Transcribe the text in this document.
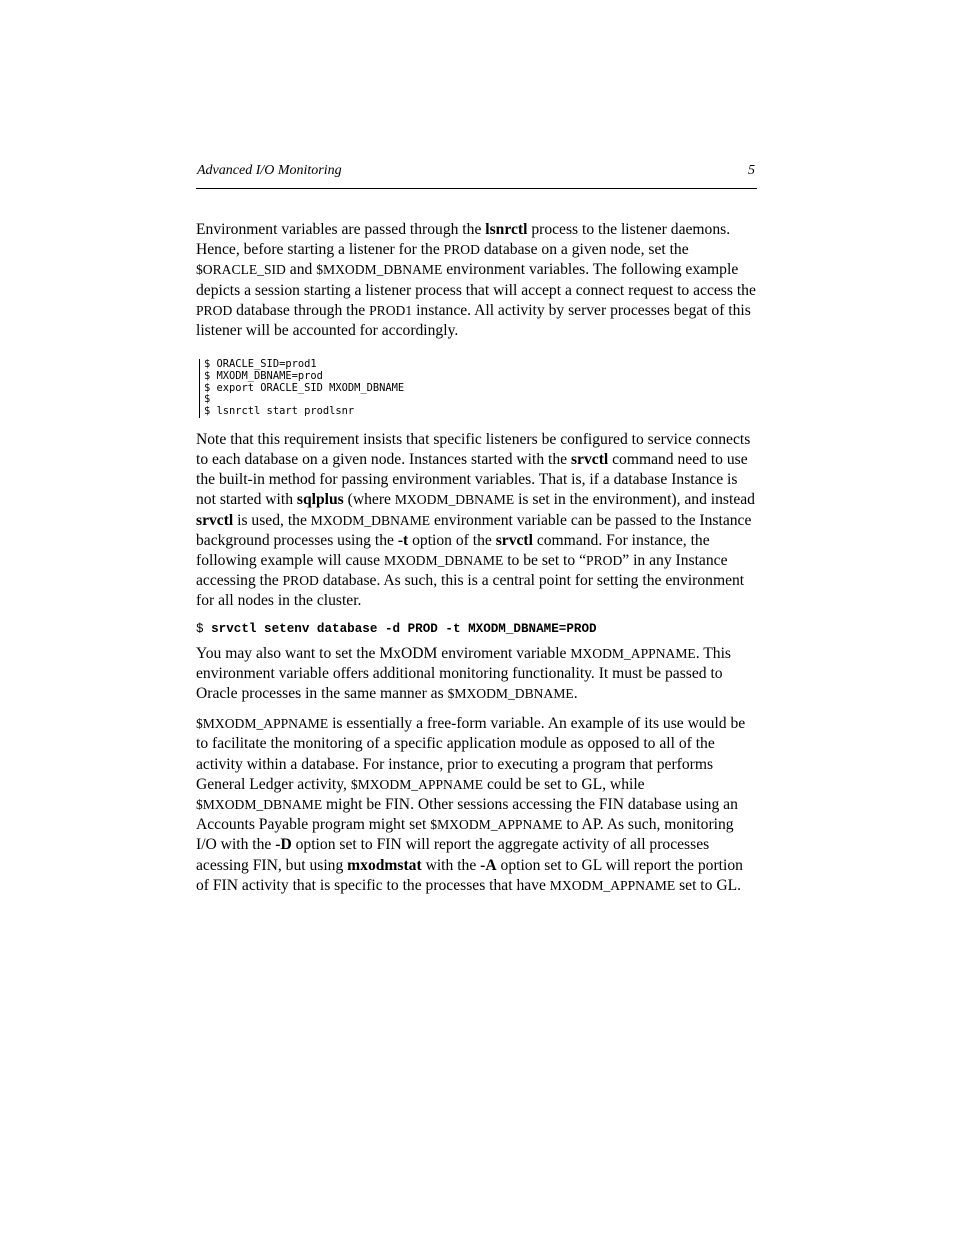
Advanced I/O Monitoring	5

Environment variables are passed through the lsnrctl process to the listener daemons. Hence, before starting a listener for the PROD database on a given node, set the $ORACLE_SID and $MXODM_DBNAME environment variables. The following example depicts a session starting a listener process that will accept a connect request to access the PROD database through the PROD1 instance. All activity by server processes begat of this listener will be accounted for accordingly.

$ ORACLE_SID=prod1
$ MXODM_DBNAME=prod
$ export ORACLE_SID MXODM_DBNAME
$
$ lsnrctl start prodlsnr

Note that this requirement insists that specific listeners be configured to service connects to each database on a given node. Instances started with the srvctl command need to use the built-in method for passing environment variables. That is, if a database Instance is not started with sqlplus (where MXODM_DBNAME is set in the environment), and instead srvctl is used, the MXODM_DBNAME environment variable can be passed to the Instance background processes using the -t option of the srvctl command. For instance, the following example will cause MXODM_DBNAME to be set to “PROD” in any Instance accessing the PROD database. As such, this is a central point for setting the environment for all nodes in the cluster.

$ srvctl setenv database -d PROD -t MXODM_DBNAME=PROD

You may also want to set the MxODM enviroment variable MXODM_APPNAME. This environment variable offers additional monitoring functionality. It must be passed to Oracle processes in the same manner as $MXODM_DBNAME.

$MXODM_APPNAME is essentially a free-form variable. An example of its use would be to facilitate the monitoring of a specific application module as opposed to all of the activity within a database. For instance, prior to executing a program that performs General Ledger activity, $MXODM_APPNAME could be set to GL, while $MXODM_DBNAME might be FIN. Other sessions accessing the FIN database using an Accounts Payable program might set $MXODM_APPNAME to AP. As such, monitoring I/O with the -D option set to FIN will report the aggregate activity of all processes acessing FIN, but using mxodmstat with the -A option set to GL will report the portion of FIN activity that is specific to the processes that have MXODM_APPNAME set to GL.
